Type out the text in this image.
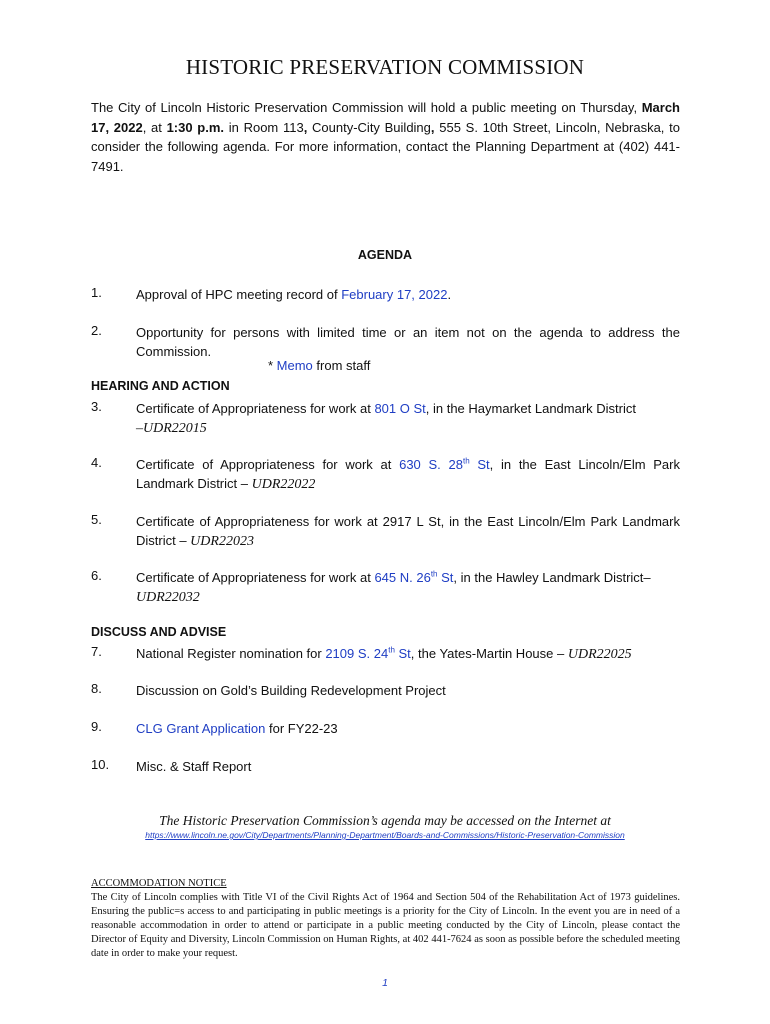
HISTORIC PRESERVATION COMMISSION
The City of Lincoln Historic Preservation Commission will hold a public meeting on Thursday, March 17, 2022, at 1:30 p.m. in Room 113, County-City Building, 555 S. 10th Street, Lincoln, Nebraska, to consider the following agenda. For more information, contact the Planning Department at (402) 441-7491.
AGENDA
1.	Approval of HPC meeting record of February 17, 2022.
2.	Opportunity for persons with limited time or an item not on the agenda to address the Commission.
* Memo from staff
HEARING AND ACTION
3.	Certificate of Appropriateness for work at 801 O St, in the Haymarket Landmark District
–UDR22015
4.	Certificate of Appropriateness for work at 630 S. 28th St, in the East Lincoln/Elm Park Landmark District – UDR22022
5.	Certificate of Appropriateness for work at 2917 L St, in the East Lincoln/Elm Park Landmark District – UDR22023
6.	Certificate of Appropriateness for work at 645 N. 26th St, in the Hawley Landmark District–
UDR22032
DISCUSS AND ADVISE
7.	National Register nomination for 2109 S. 24th St, the Yates-Martin House – UDR22025
8.	Discussion on Gold’s Building Redevelopment Project
9.	CLG Grant Application for FY22-23
10. Misc. & Staff Report
The Historic Preservation Commission’s agenda may be accessed on the Internet at
https://www.lincoln.ne.gov/City/Departments/Planning-Department/Boards-and-Commissions/Historic-Preservation-Commission
ACCOMMODATION NOTICE
The City of Lincoln complies with Title VI of the Civil Rights Act of 1964 and Section 504 of the Rehabilitation Act of 1973 guidelines. Ensuring the public=s access to and participating in public meetings is a priority for the City of Lincoln. In the event you are in need of a reasonable accommodation in order to attend or participate in a public meeting conducted by the City of Lincoln, please contact the Director of Equity and Diversity, Lincoln Commission on Human Rights, at 402 441-7624 as soon as possible before the scheduled meeting date in order to make your request.
1
